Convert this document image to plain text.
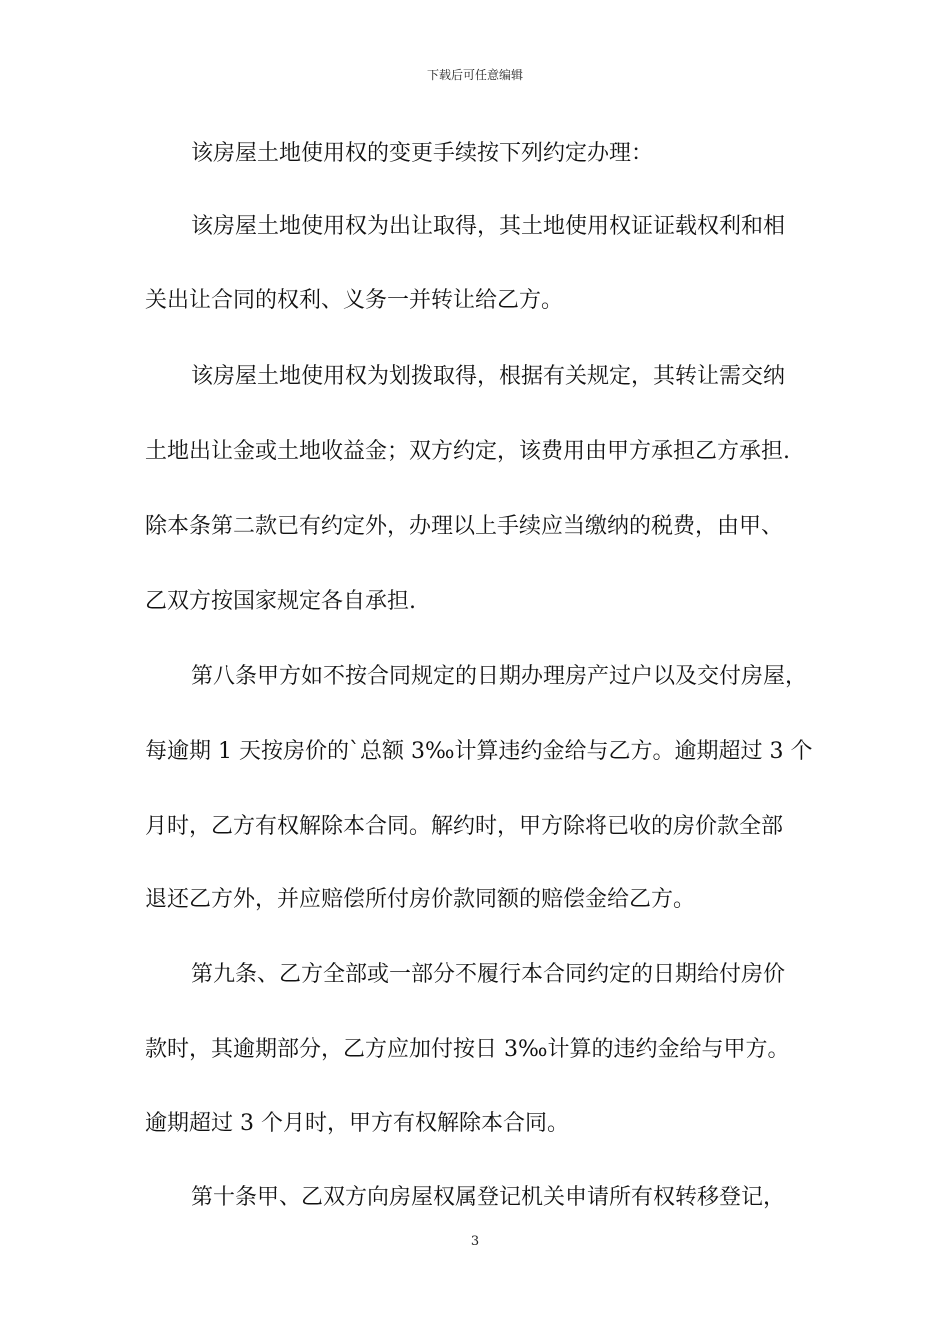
下载后可任意编辑
该房屋土地使用权的变更手续按下列约定办理：
该房屋土地使用权为出让取得，其土地使用权证证载权利和相
关出让合同的权利、义务一并转让给乙方。
该房屋土地使用权为划拨取得，根据有关规定，其转让需交纳
土地出让金或土地收益金；双方约定，该费用由甲方承担乙方承担.
除本条第二款已有约定外，办理以上手续应当缴纳的税费，由甲、
乙双方按国家规定各自承担.
第八条甲方如不按合同规定的日期办理房产过户以及交付房屋，
每逾期 1 天按房价的`总额 3‰计算违约金给与乙方。逾期超过 3 个
月时，乙方有权解除本合同。解约时，甲方除将已收的房价款全部
退还乙方外，并应赔偿所付房价款同额的赔偿金给乙方。
第九条、乙方全部或一部分不履行本合同约定的日期给付房价
款时，其逾期部分，乙方应加付按日 3‰计算的违约金给与甲方。
逾期超过 3 个月时，甲方有权解除本合同。
第十条甲、乙双方向房屋权属登记机关申请所有权转移登记，
3
